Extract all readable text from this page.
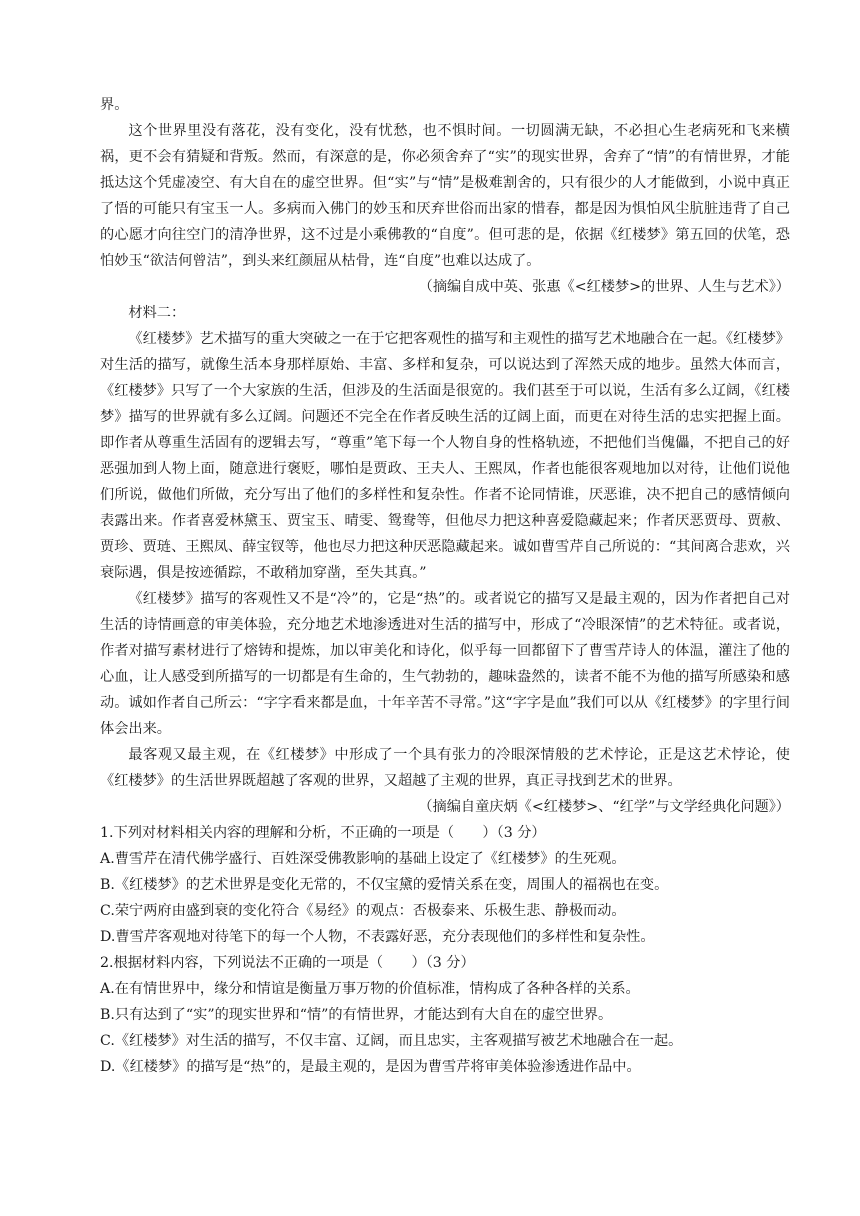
界。

这个世界里没有落花，没有变化，没有忧愁，也不惧时间。一切圆满无缺，不必担心生老病死和飞来横祸，更不会有猜疑和背叛。然而，有深意的是，你必须舍弃了“实”的现实世界，舍弃了“情”的有情世界，才能抵达这个凭虚凌空、有大自在的虚空世界。但“实”与“情”是极难割舍的，只有很少的人才能做到，小说中真正了悟的可能只有宝玉一人。多病而入佛门的妙玉和厌弃世俗而出家的惜春，都是因为惧怕风尘肮脏违背了自己的心愿才向往空门的清净世界，这不过是小乘佛教的“自度”。但可悲的是，依据《红楼梦》第五回的伏笔，恐怕妙玉“欲洁何曾洁”，到头来红颜屈从枯骨，连“自度”也难以达成了。

（摘编自成中英、张惠《<红楼梦>的世界、人生与艺术》）

材料二：

《红楼梦》艺术描写的重大突破之一在于它把客观性的描写和主观性的描写艺术地融合在一起。《红楼梦》对生活的描写，就像生活本身那样原始、丰富、多样和复杂，可以说达到了浑然天成的地步。虽然大体而言，《红楼梦》只写了一个大家族的生活，但涉及的生活面是很宽的。我们甚至于可以说，生活有多么辽阔，《红楼梦》描写的世界就有多么辽阔。问题还不完全在作者反映生活的辽阔上面，而更在对待生活的忠实把握上面。即作者从尊重生活固有的逻辑去写，“尊重”笔下每一个人物自身的性格轨迹，不把他们当傀儡，不把自己的好恶强加到人物上面，随意进行褒贬，哪怕是贾政、王夫人、王熙凤，作者也能很客观地加以对待，让他们说他们所说，做他们所做，充分写出了他们的多样性和复杂性。作者不论同情谁，厌恶谁，决不把自己的感情倾向表露出来。作者喜爱林黛玉、贾宝玉、晴雯、鸳鸯等，但他尽力把这种喜爱隐藏起来；作者厌恶贾母、贾赦、贾珍、贾琏、王熙凤、薛宝钗等，他也尽力把这种厌恶隐藏起来。诚如曹雪芹自己所说的：“其间离合悲欢，兴衰际遇，俱是按迹循踪，不敢稍加穿凿，至失其真。”

《红楼梦》描写的客观性又不是“冷”的，它是“热”的。或者说它的描写又是最主观的，因为作者把自己对生活的诗情画意的审美体验，充分地艺术地渗透进对生活的描写中，形成了“冷眼深情”的艺术特征。或者说，作者对描写素材进行了熔铸和提炼，加以审美化和诗化，似乎每一回都留下了曹雪芹诗人的体温，灌注了他的心血，让人感受到所描写的一切都是有生命的，生气勃勃的，趣味盎然的，读者不能不为他的描写所感染和感动。诚如作者自己所云：“字字看来都是血，十年辛苦不寻常。”这“字字是血”我们可以从《红楼梦》的字里行间体会出来。

最客观又最主观，在《红楼梦》中形成了一个具有张力的冷眼深情般的艺术悖论，正是这艺术悖论，使《红楼梦》的生活世界既超越了客观的世界，又超越了主观的世界，真正寻找到艺术的世界。

（摘编自童庆炳《<红楼梦>、“红学”与文学经典化问题》）

1.下列对材料相关内容的理解和分析，不正确的一项是（　　）（3 分）

A.曹雪芹在清代佛学盛行、百姓深受佛教影响的基础上设定了《红楼梦》的生死观。

B.《红楼梦》的艺术世界是变化无常的，不仅宝黛的爱情关系在变，周围人的福祸也在变。

C.荣宁两府由盛到衰的变化符合《易经》的观点：否极泰来、乐极生悲、静极而动。

D.曹雪芹客观地对待笔下的每一个人物，不表露好恶，充分表现他们的多样性和复杂性。

2.根据材料内容，下列说法不正确的一项是（　　）（3 分）

A.在有情世界中，缘分和情谊是衡量万事万物的价值标准，情构成了各种各样的关系。

B.只有达到了“实”的现实世界和“情”的有情世界，才能达到有大自在的虚空世界。

C.《红楼梦》对生活的描写，不仅丰富、辽阔，而且忠实，主客观描写被艺术地融合在一起。

D.《红楼梦》的描写是“热”的，是最主观的，是因为曹雪芹将审美体验渗透进作品中。
